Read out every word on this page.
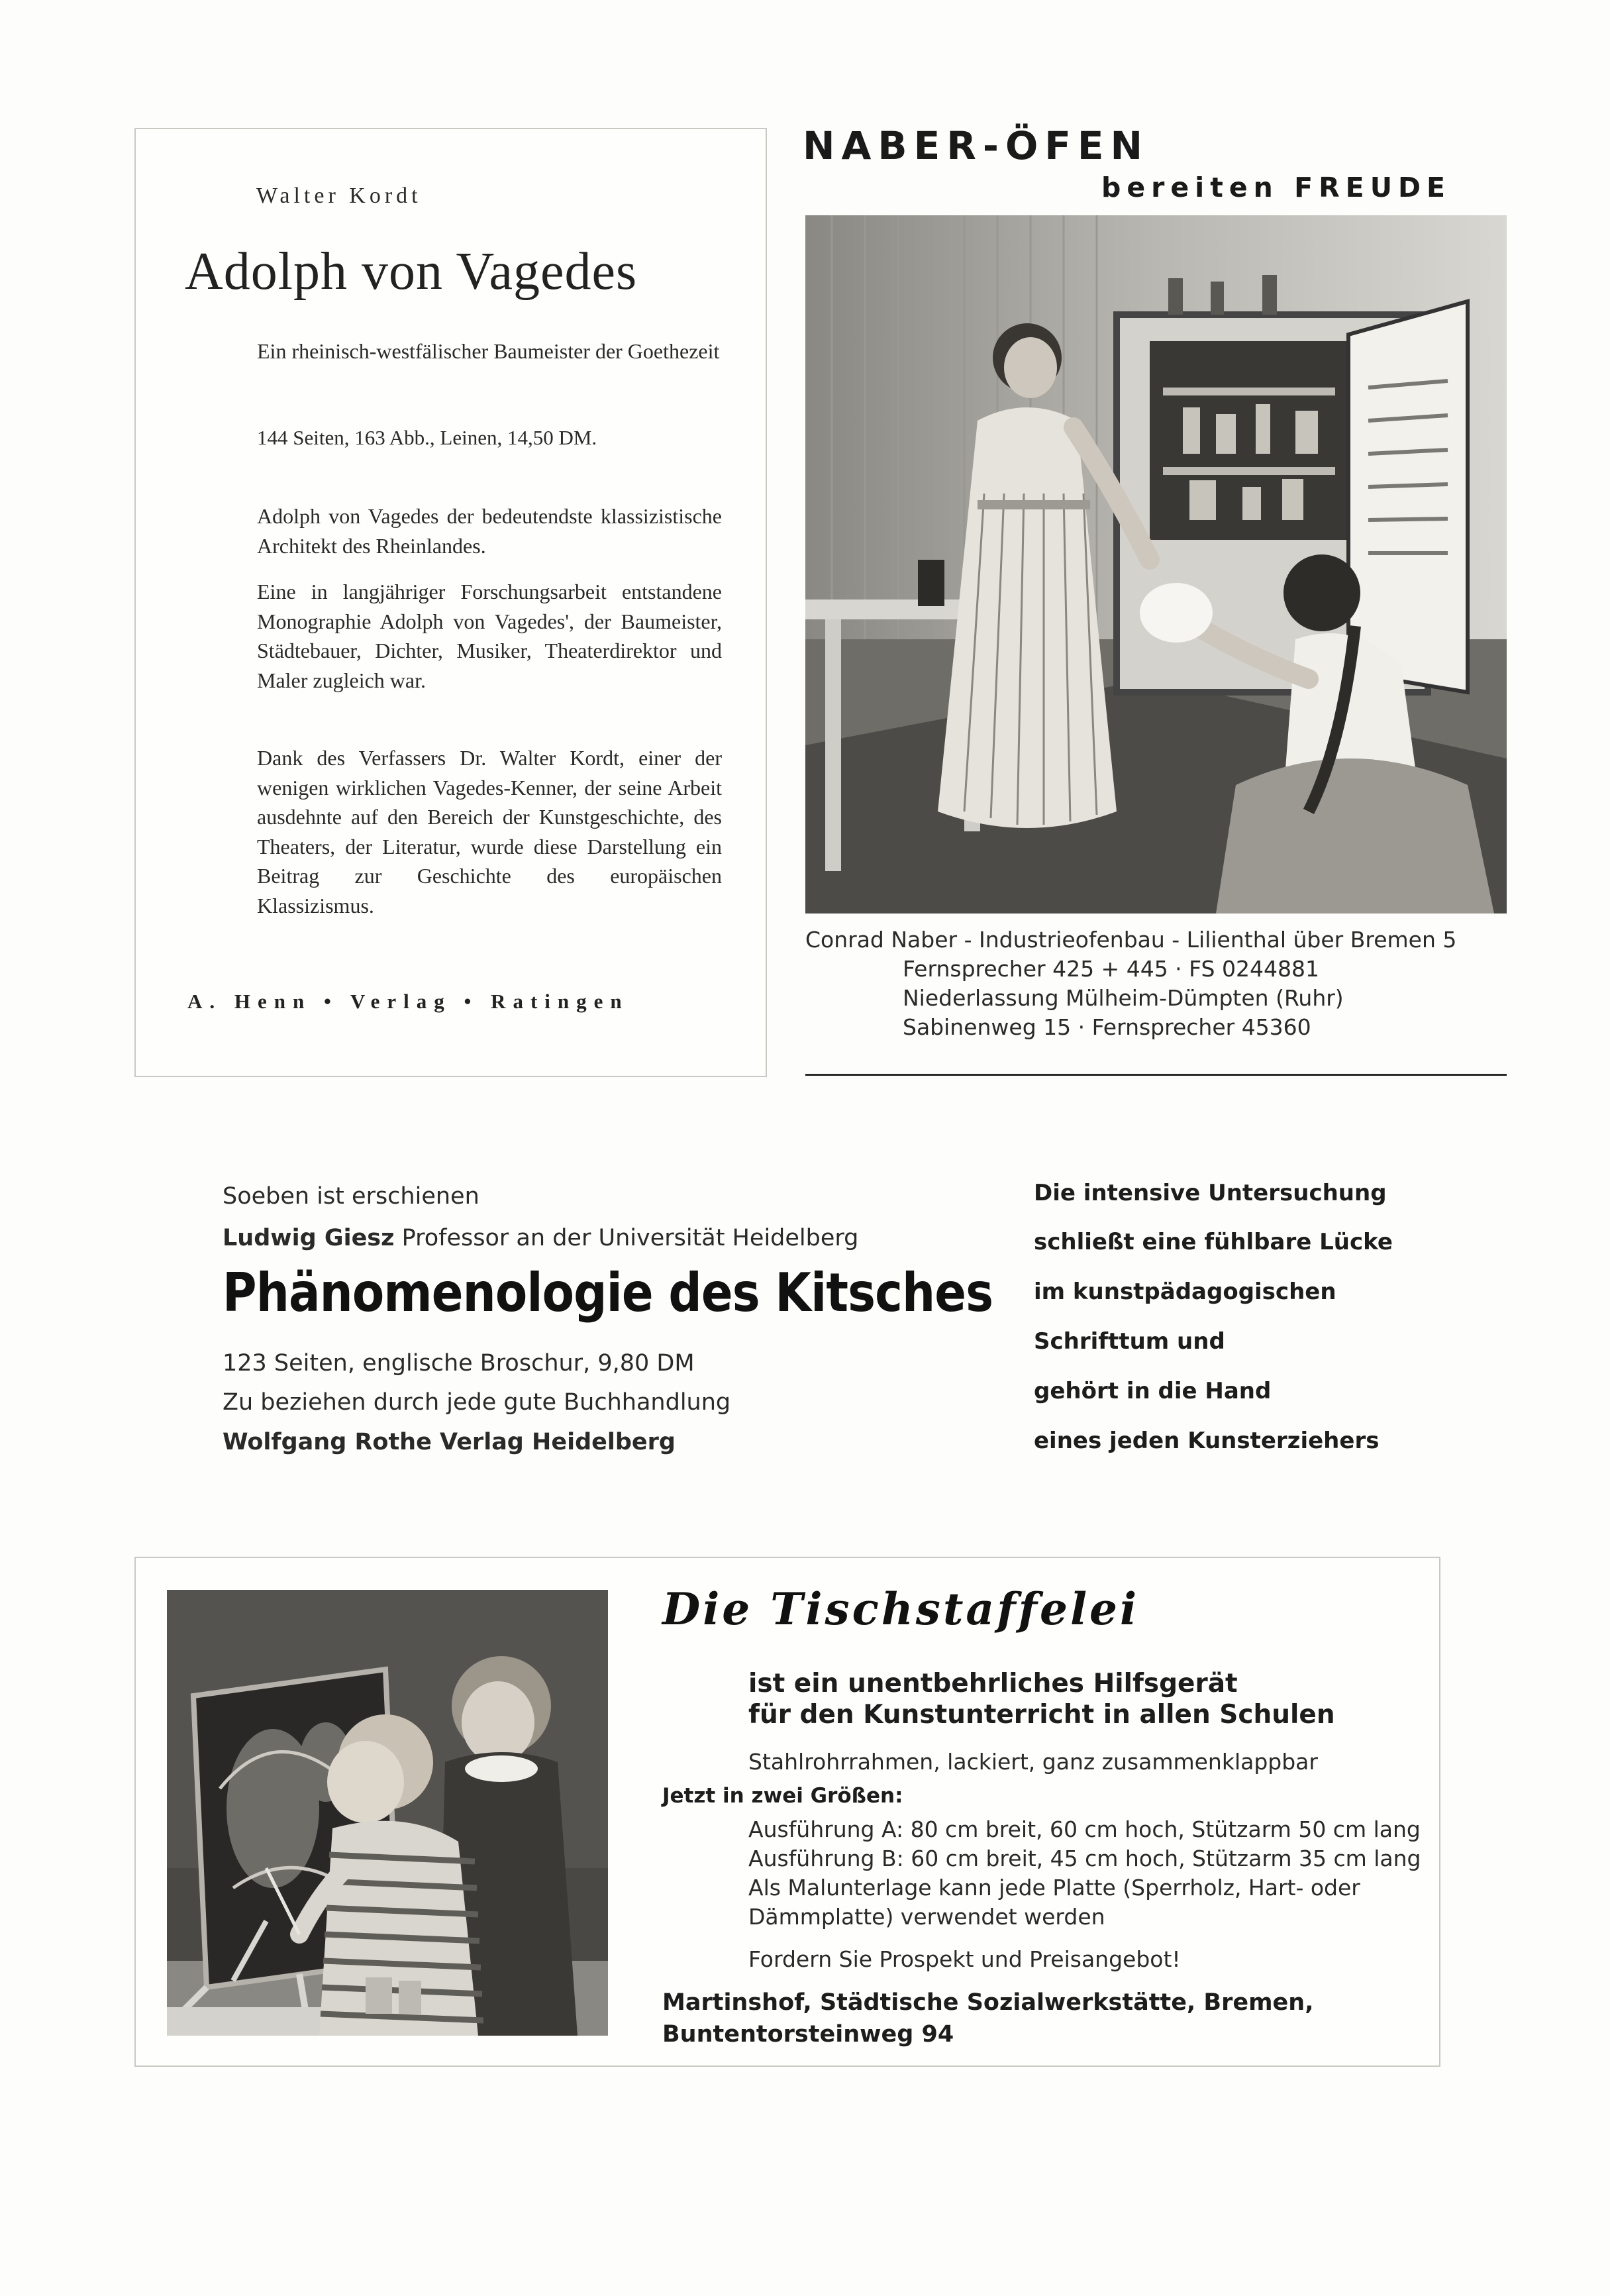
Walter Kordt
Adolph von Vagedes
Ein rheinisch-westfälischer Baumeister der Goethezeit
144 Seiten, 163 Abb., Leinen, 14,50 DM.
Adolph von Vagedes der bedeutendste klassizistische Architekt des Rheinlandes.
Eine in langjähriger Forschungsarbeit entstandene Monographie Adolph von Vagedes', der Baumeister, Städtebauer, Dichter, Musiker, Theaterdirektor und Maler zugleich war.
Dank des Verfassers Dr. Walter Kordt, einer der wenigen wirklichen Vagedes-Kenner, der seine Arbeit ausdehnte auf den Bereich der Kunstgeschichte, des Theaters, der Literatur, wurde diese Darstellung ein Beitrag zur Geschichte des europäischen Klassizismus.
A. Henn • Verlag • Ratingen
NABER-ÖFEN
bereiten FREUDE
Conrad Naber - Industrieofenbau - Lilienthal über Bremen 5
Fernsprecher 425 + 445 · FS 0244881
Niederlassung Mülheim-Dümpten (Ruhr)
Sabinenweg 15 · Fernsprecher 45360
Soeben ist erschienen
Ludwig Giesz Professor an der Universität Heidelberg
Phänomenologie des Kitsches
123 Seiten, englische Broschur, 9,80 DM
Zu beziehen durch jede gute Buchhandlung
Wolfgang Rothe Verlag Heidelberg
Die intensive Untersuchung
schließt eine fühlbare Lücke
im kunstpädagogischen
Schrifttum und
gehört in die Hand
eines jeden Kunsterziehers
Die Tischstaffelei
ist ein unentbehrliches Hilfsgerät
für den Kunstunterricht in allen Schulen
Stahlrohrrahmen, lackiert, ganz zusammenklappbar
Jetzt in zwei Größen:
Ausführung A: 80 cm breit, 60 cm hoch, Stützarm 50 cm lang
Ausführung B: 60 cm breit, 45 cm hoch, Stützarm 35 cm lang
Als Malunterlage kann jede Platte (Sperrholz, Hart- oder Dämmplatte) verwendet werden
Fordern Sie Prospekt und Preisangebot!
Martinshof, Städtische Sozialwerkstätte, Bremen,
Buntentorsteinweg 94
